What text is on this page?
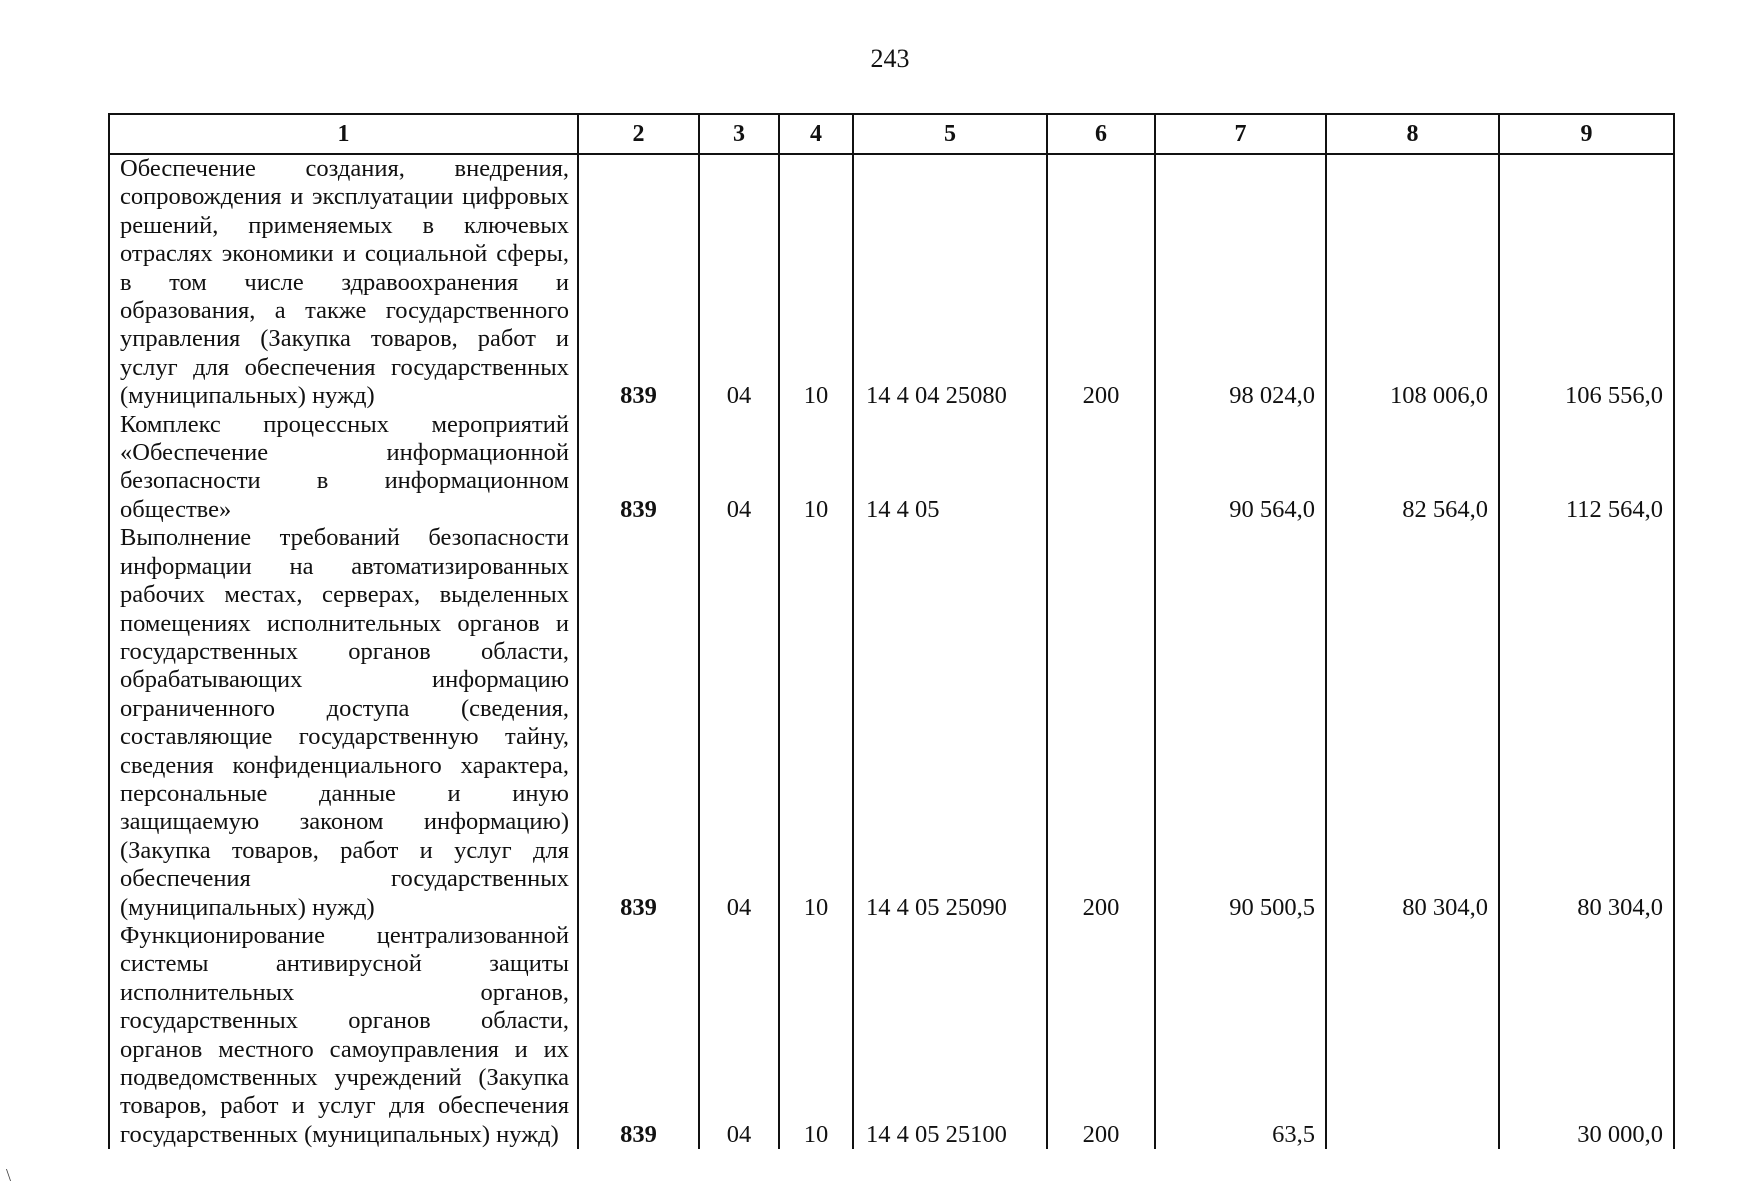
243
1	2	3	4	5	6	7	8	9
Обеспечение создания, внедрения, сопровождения и эксплуатации цифровых решений, применяемых в ключевых отраслях экономики и социальной сферы, в том числе здравоохранения и образования, а также государственного управления (Закупка товаров, работ и услуг для обеспечения государственных (муниципальных) нужд)	839	04	10	14 4 04 25080	200	98 024,0	108 006,0	106 556,0
Комплекс процессных мероприятий «Обеспечение информационной безопасности в информационном обществе»	839	04	10	14 4 05		90 564,0	82 564,0	112 564,0
Выполнение требований безопасности информации на автоматизированных рабочих местах, серверах, выделенных помещениях исполнительных органов и государственных органов области, обрабатывающих информацию ограниченного доступа (сведения, составляющие государственную тайну, сведения конфиденциального характера, персональные данные и иную защищаемую законом информацию) (Закупка товаров, работ и услуг для обеспечения государственных (муниципальных) нужд)	839	04	10	14 4 05 25090	200	90 500,5	80 304,0	80 304,0
Функционирование централизованной системы антивирусной защиты исполнительных органов, государственных органов области, органов местного самоуправления и их подведомственных учреждений (Закупка товаров, работ и услуг для обеспечения государственных (муниципальных) нужд)	839	04	10	14 4 05 25100	200	63,5		30 000,0
\
